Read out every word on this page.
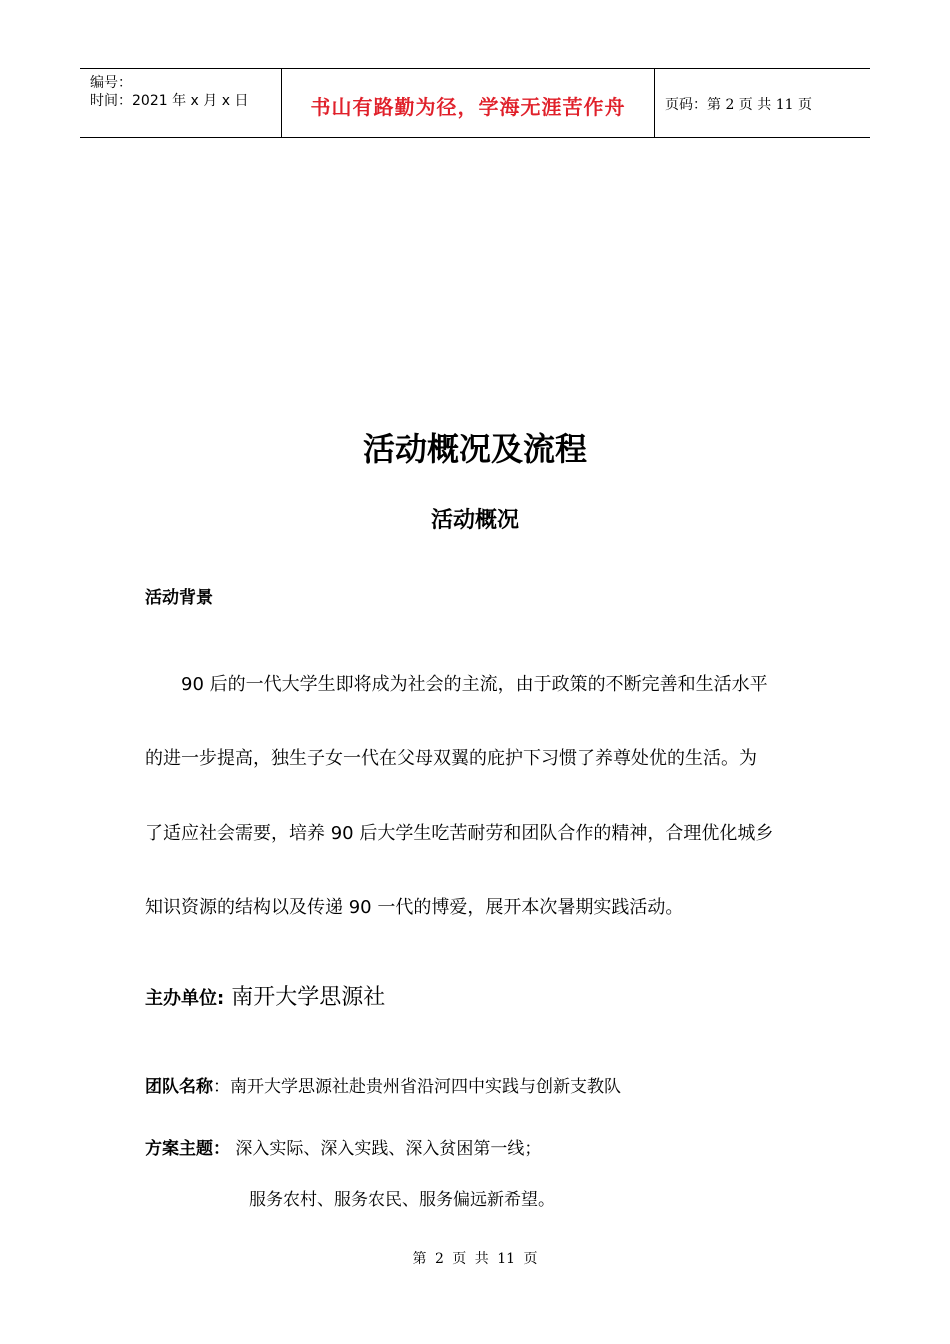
编号：
时间：2021 年 x 月 x 日	书山有路勤为径，学海无涯苦作舟	页码：第 2 页 共 11 页
活动概况及流程
活动概况
活动背景
　　90 后的一代大学生即将成为社会的主流，由于政策的不断完善和生活水平
的进一步提高，独生子女一代在父母双翼的庇护下习惯了养尊处优的生活。为
了适应社会需要，培养 90 后大学生吃苦耐劳和团队合作的精神，合理优化城乡
知识资源的结构以及传递 90 一代的博爱，展开本次暑期实践活动。
主办单位: 南开大学思源社
团队名称：南开大学思源社赴贵州省沿河四中实践与创新支教队
方案主题： 深入实际、深入实践、深入贫困第一线；
服务农村、服务农民、服务偏远新希望。
第 2 页 共 11 页
